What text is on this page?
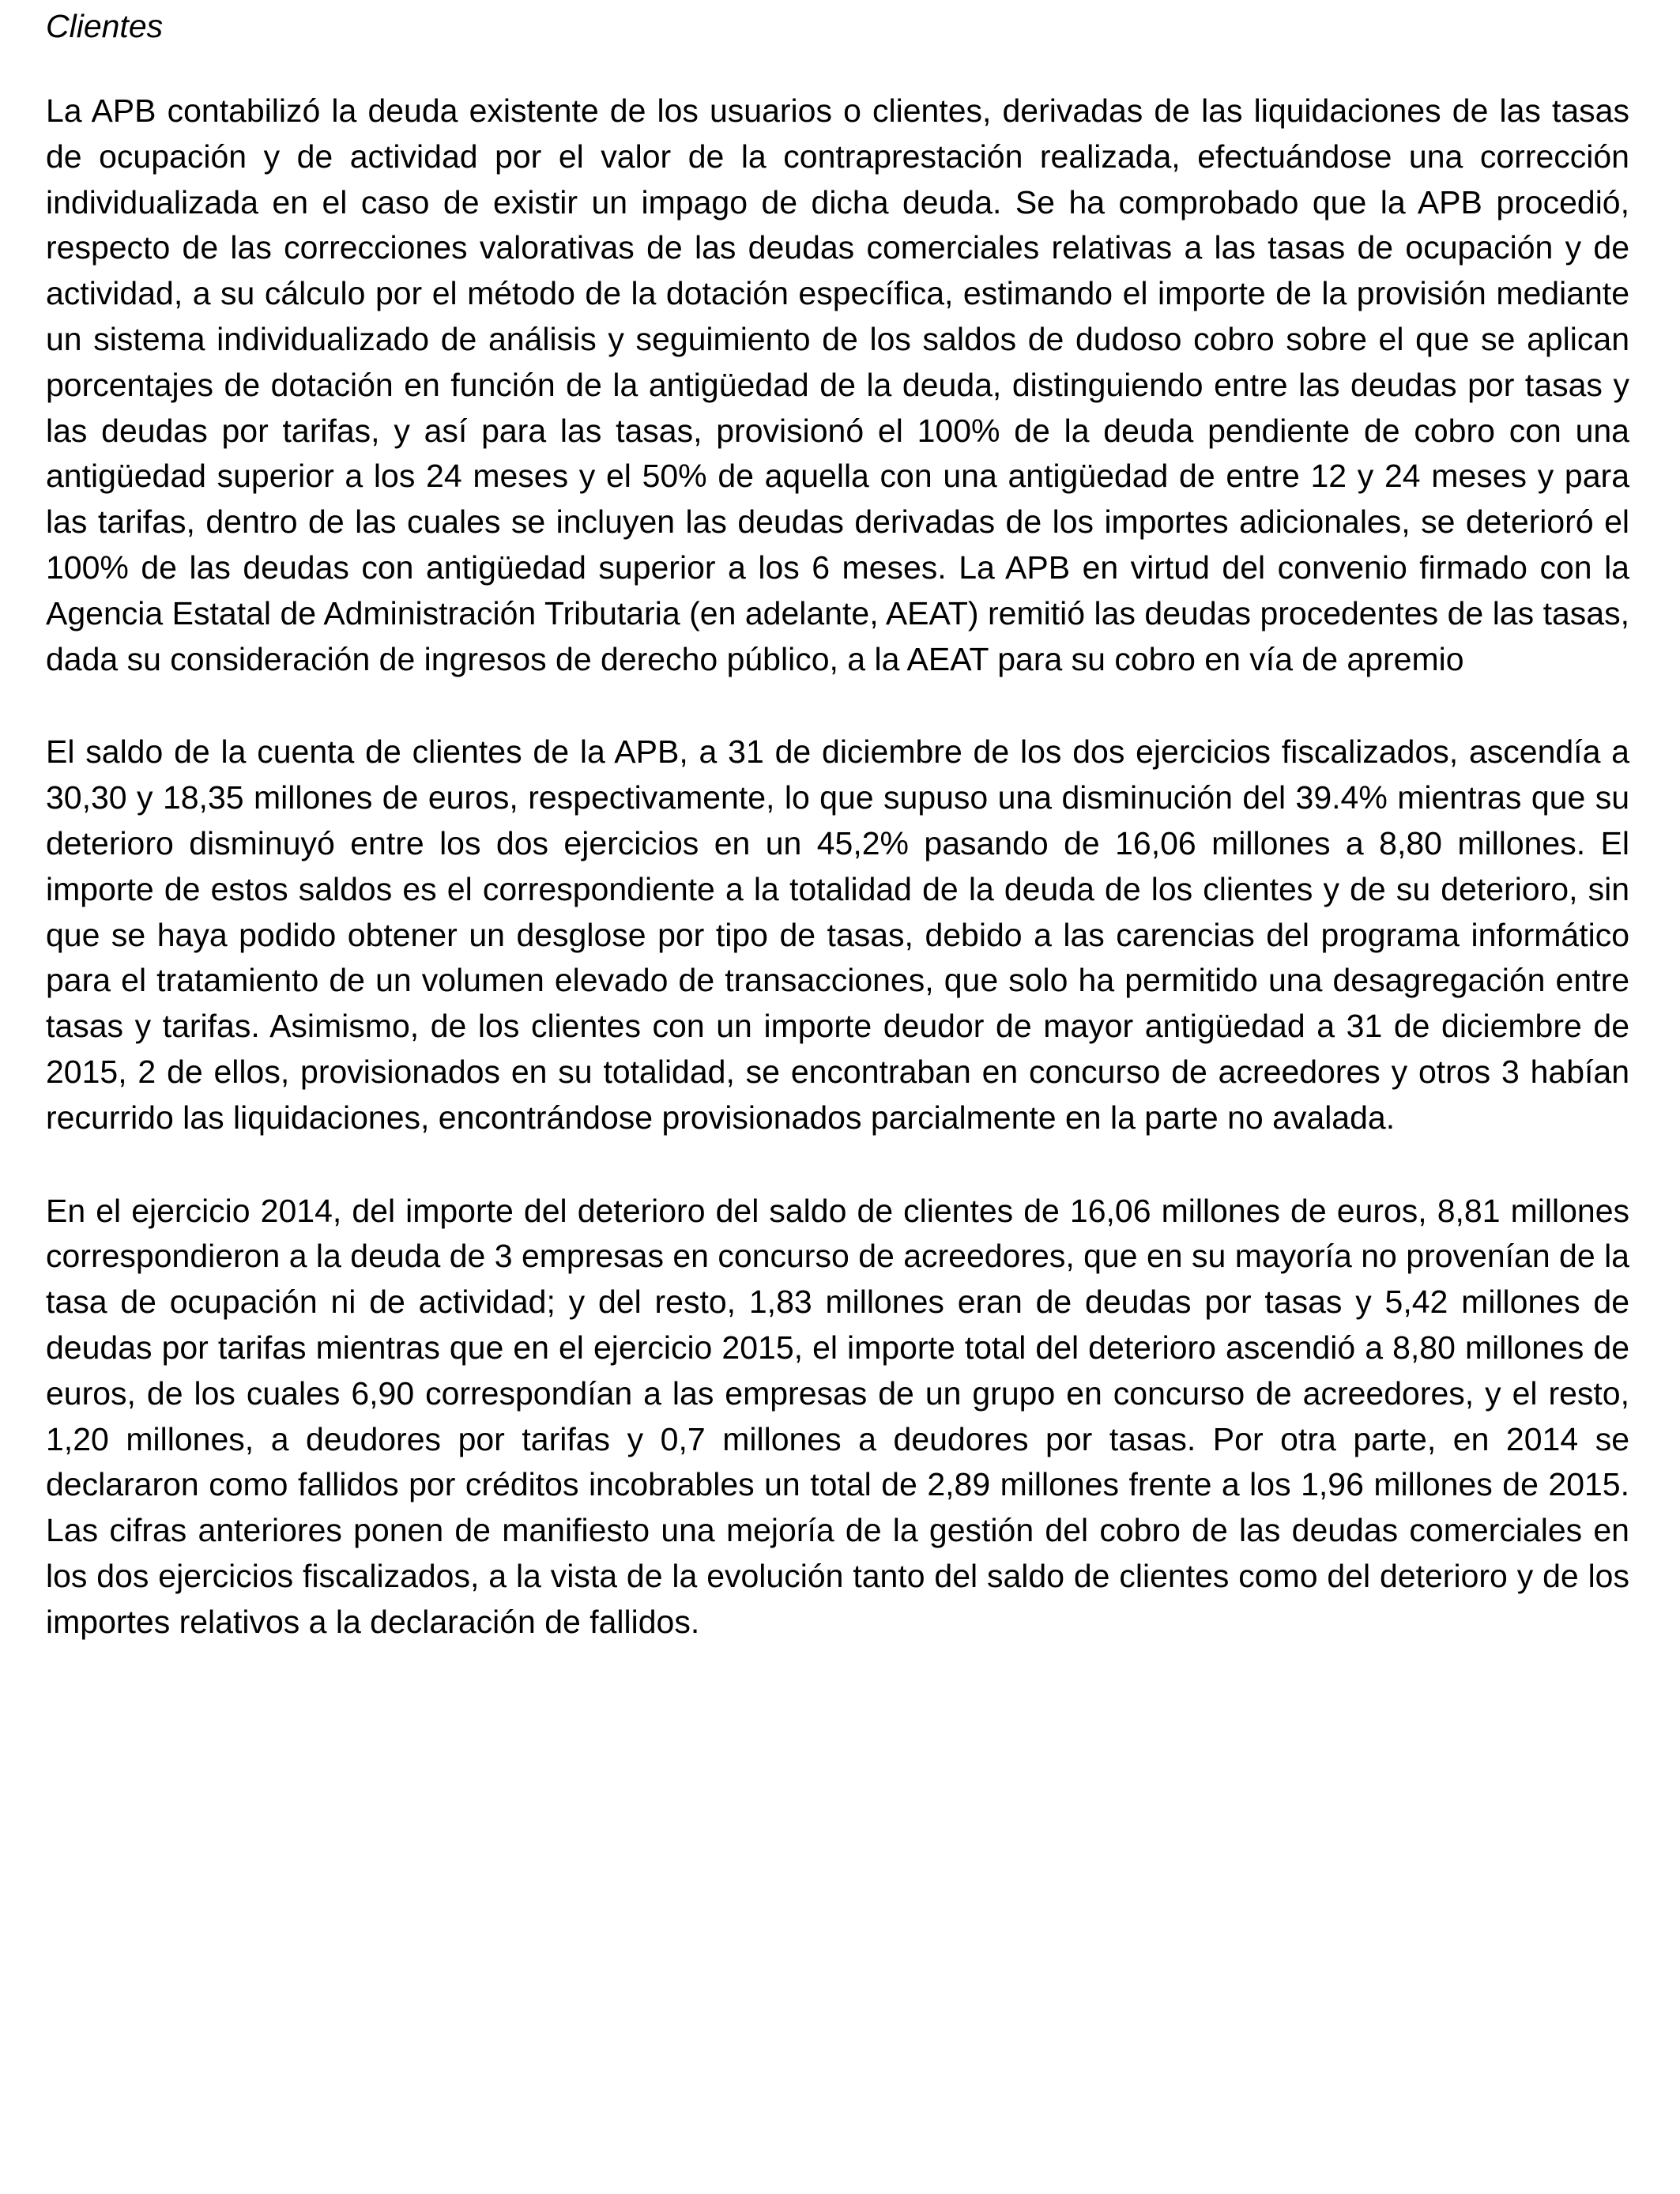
Clientes

La APB contabilizó la deuda existente de los usuarios o clientes, derivadas de las liquidaciones de las tasas de ocupación y de actividad por el valor de la contraprestación realizada, efectuándose una corrección individualizada en el caso de existir un impago de dicha deuda. Se ha comprobado que la APB procedió, respecto de las correcciones valorativas de las deudas comerciales relativas a las tasas de ocupación y de actividad, a su cálculo por el método de la dotación específica, estimando el importe de la provisión mediante un sistema individualizado de análisis y seguimiento de los saldos de dudoso cobro sobre el que se aplican porcentajes de dotación en función de la antigüedad de la deuda, distinguiendo entre las deudas por tasas y las deudas por tarifas, y así para las tasas, provisionó el 100% de la deuda pendiente de cobro con una antigüedad superior a los 24 meses y el 50% de aquella con una antigüedad de entre 12 y 24 meses y para las tarifas, dentro de las cuales se incluyen las deudas derivadas de los importes adicionales, se deterioró el 100% de las deudas con antigüedad superior a los 6 meses. La APB en virtud del convenio firmado con la Agencia Estatal de Administración Tributaria (en adelante, AEAT) remitió las deudas procedentes de las tasas, dada su consideración de ingresos de derecho público, a la AEAT para su cobro en vía de apremio

El saldo de la cuenta de clientes de la APB, a 31 de diciembre de los dos ejercicios fiscalizados, ascendía a 30,30 y 18,35 millones de euros, respectivamente, lo que supuso una disminución del 39.4% mientras que su deterioro disminuyó entre los dos ejercicios en un 45,2% pasando de 16,06 millones a 8,80 millones. El importe de estos saldos es el correspondiente a la totalidad de la deuda de los clientes y de su deterioro, sin que se haya podido obtener un desglose por tipo de tasas, debido a las carencias del programa informático para el tratamiento de un volumen elevado de transacciones, que solo ha permitido una desagregación entre tasas y tarifas. Asimismo, de los clientes con un importe deudor de mayor antigüedad a 31 de diciembre de 2015, 2 de ellos, provisionados en su totalidad, se encontraban en concurso de acreedores y otros 3 habían recurrido las liquidaciones, encontrándose provisionados parcialmente en la parte no avalada.

En el ejercicio 2014, del importe del deterioro del saldo de clientes de 16,06 millones de euros, 8,81 millones correspondieron a la deuda de 3 empresas en concurso de acreedores, que en su mayoría no provenían de la tasa de ocupación ni de actividad; y del resto, 1,83 millones eran de deudas por tasas y 5,42 millones de deudas por tarifas mientras que en el ejercicio 2015, el importe total del deterioro ascendió a 8,80 millones de euros, de los cuales 6,90 correspondían a las empresas de un grupo en concurso de acreedores, y el resto, 1,20 millones, a deudores por tarifas y 0,7 millones a deudores por tasas. Por otra parte, en 2014 se declararon como fallidos por créditos incobrables un total de 2,89 millones frente a los 1,96 millones de 2015. Las cifras anteriores ponen de manifiesto una mejoría de la gestión del cobro de las deudas comerciales en los dos ejercicios fiscalizados, a la vista de la evolución tanto del saldo de clientes como del deterioro y de los importes relativos a la declaración de fallidos.
